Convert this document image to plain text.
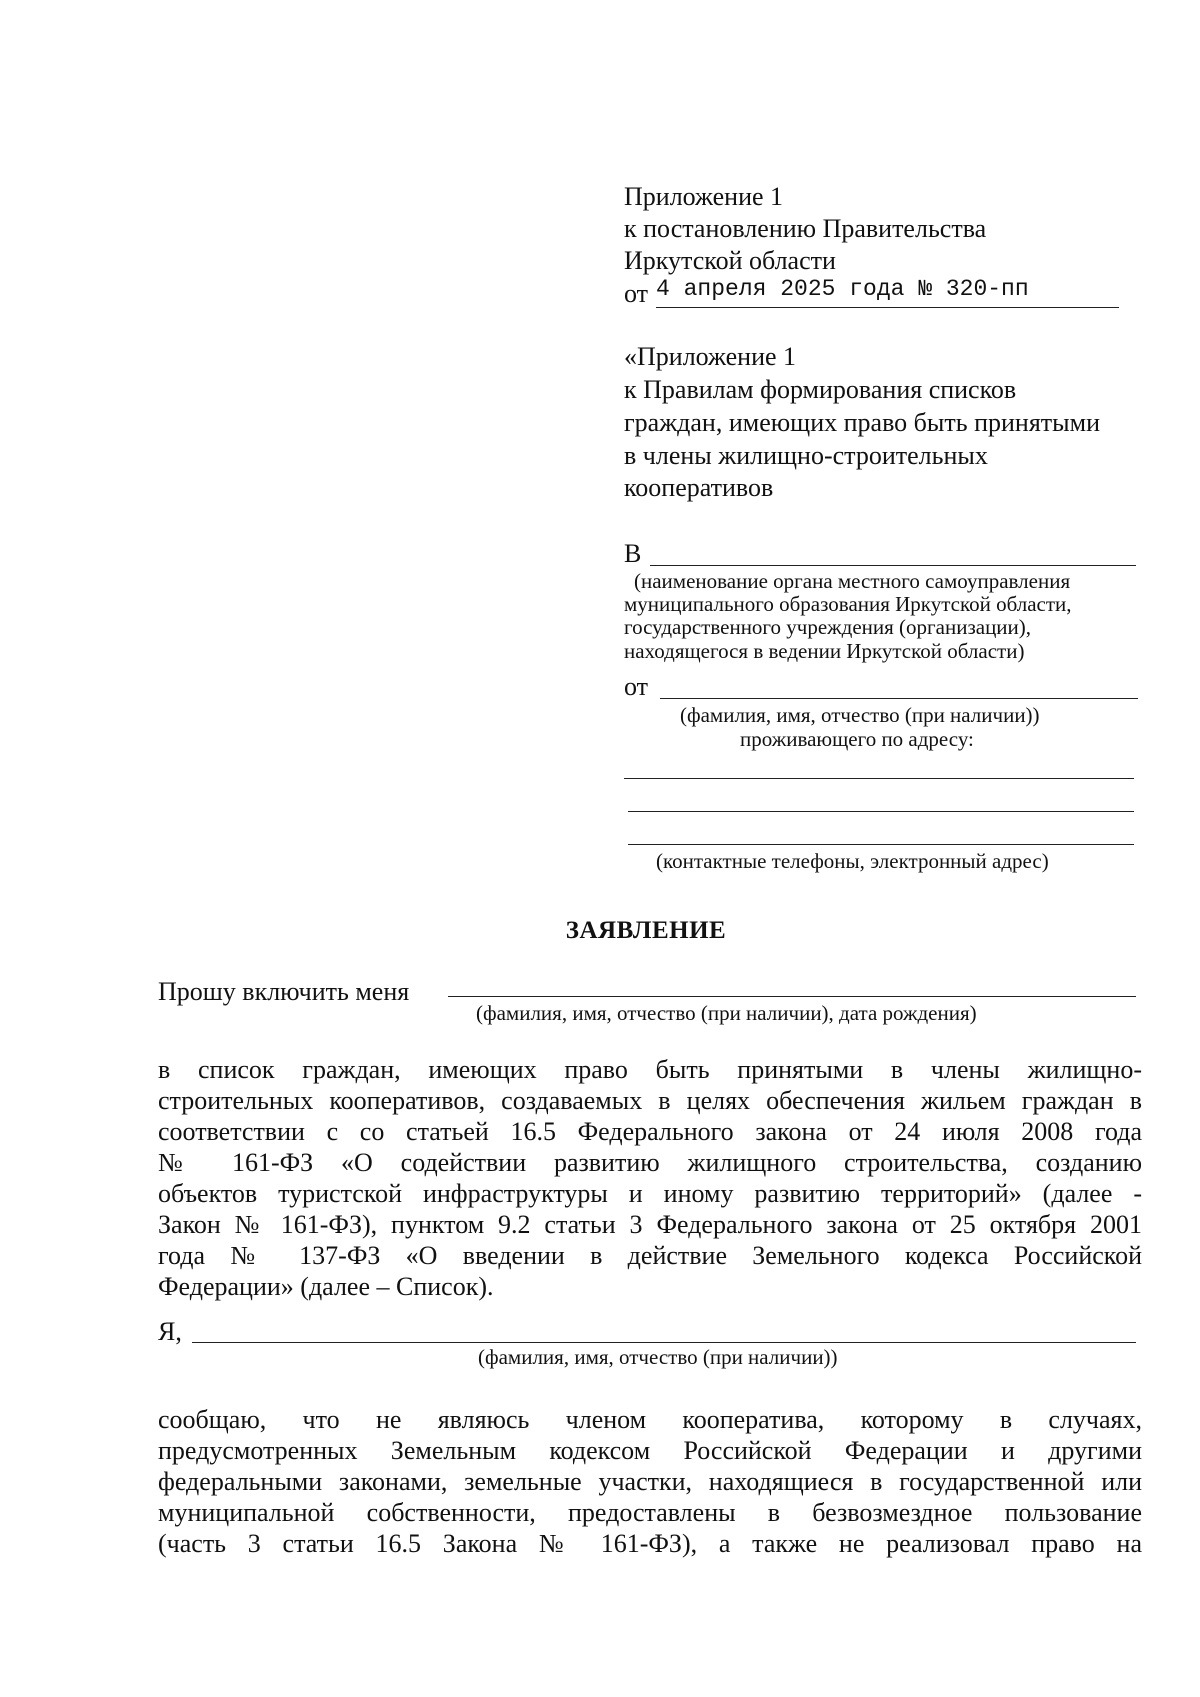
Приложение 1
к постановлению Правительства
Иркутской области
от 4 апреля 2025 года № 320-пп
«Приложение 1
к Правилам формирования списков
граждан, имеющих право быть принятыми
в члены жилищно-строительных
кооперативов
В
(наименование органа местного самоуправления
муниципального образования Иркутской области,
государственного учреждения (организации),
находящегося в ведении Иркутской области)
от
(фамилия, имя, отчество (при наличии))
проживающего по адресу:
(контактные телефоны, электронный адрес)
ЗАЯВЛЕНИЕ
Прошу включить меня
(фамилия, имя, отчество (при наличии), дата рождения)
в список граждан, имеющих право быть принятыми в члены жилищно-
строительных кооперативов, создаваемых в целях обеспечения жильем граждан в
соответствии с со статьей 16.5 Федерального закона от 24 июля 2008 года
№ 161-ФЗ «О содействии развитию жилищного строительства, созданию
объектов туристской инфраструктуры и иному развитию территорий» (далее -
Закон № 161-ФЗ), пунктом 9.2 статьи 3 Федерального закона от 25 октября 2001
года № 137-ФЗ «О введении в действие Земельного кодекса Российской
Федерации» (далее – Список).
Я,
(фамилия, имя, отчество (при наличии))
сообщаю, что не являюсь членом кооператива, которому в случаях,
предусмотренных Земельным кодексом Российской Федерации и другими
федеральными законами, земельные участки, находящиеся в государственной или
муниципальной собственности, предоставлены в безвозмездное пользование
(часть 3 статьи 16.5 Закона № 161-ФЗ), а также не реализовал право на
